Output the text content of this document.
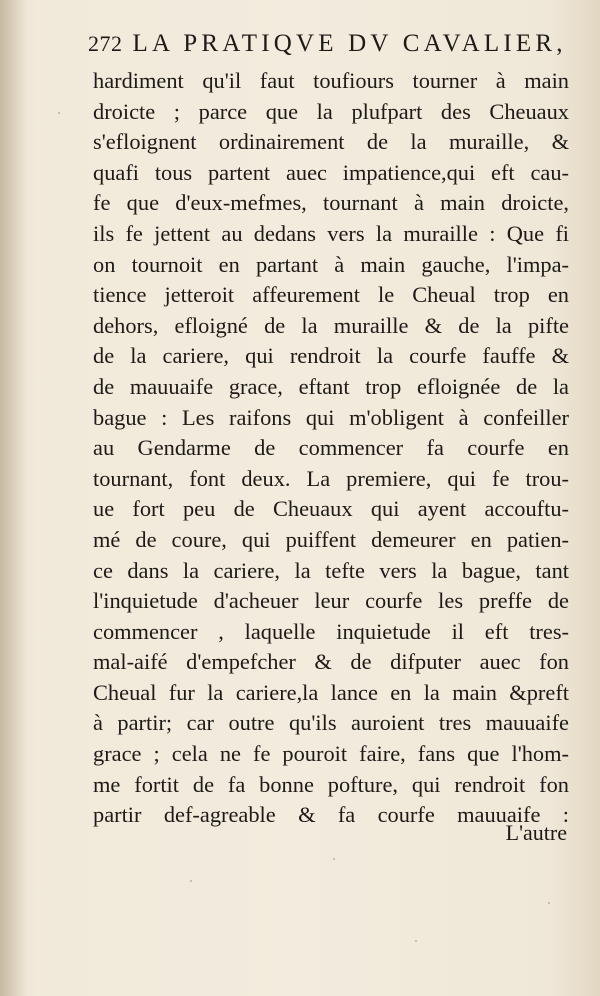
272 LA PRATIQVE DV CAVALIER,
hardiment qu'il faut toufiours tourner à main
droicte ; parce que la plufpart des Cheuaux
s'efloignent ordinairement de la muraille, &
quafi tous partent auec impatience,qui eft cau-
fe que d'eux-mefmes, tournant à main droicte,
ils fe jettent au dedans vers la muraille : Que fi
on tournoit en partant à main gauche, l'impa-
tience jetteroit affeurement le Cheual trop en
dehors, efloigné de la muraille & de la pifte
de la cariere, qui rendroit la courfe fauffe &
de mauuaife grace, eftant trop efloignée de la
bague : Les raifons qui m'obligent à confeiller
au Gendarme de commencer fa courfe en
tournant, font deux. La premiere, qui fe trou-
ue fort peu de Cheuaux qui ayent accouftu-
mé de coure, qui puiffent demeurer en patien-
ce dans la cariere, la tefte vers la bague, tant
l'inquietude d'acheuer leur courfe les preffe de
commencer , laquelle inquietude il eft tres-
mal-aifé d'empefcher & de difputer auec fon
Cheual fur la cariere,la lance en la main &preft
à partir; car outre qu'ils auroient tres mauuaife
grace ; cela ne fe pouroit faire, fans que l'hom-
me fortit de fa bonne pofture, qui rendroit fon
partir def-agreable & fa courfe mauuaife :
L'autre
